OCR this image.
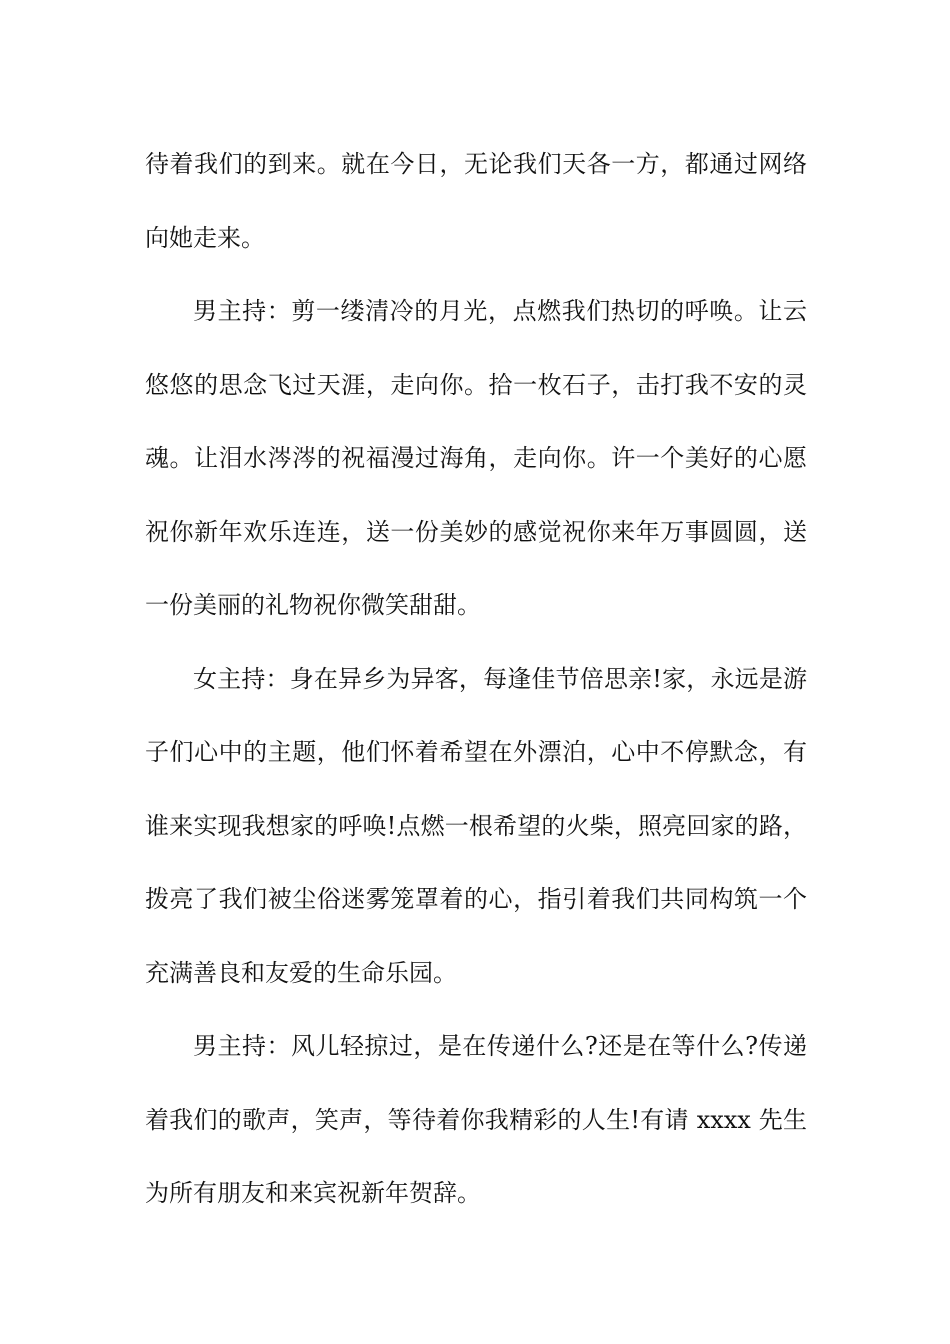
待着我们的到来。就在今日，无论我们天各一方，都通过网络向她走来。

男主持：剪一缕清冷的月光，点燃我们热切的呼唤。让云悠悠的思念飞过天涯，走向你。拾一枚石子，击打我不安的灵魂。让泪水涔涔的祝福漫过海角，走向你。许一个美好的心愿祝你新年欢乐连连，送一份美妙的感觉祝你来年万事圆圆，送一份美丽的礼物祝你微笑甜甜。

女主持：身在异乡为异客，每逢佳节倍思亲!家，永远是游子们心中的主题，他们怀着希望在外漂泊，心中不停默念，有谁来实现我想家的呼唤!点燃一根希望的火柴，照亮回家的路，拨亮了我们被尘俗迷雾笼罩着的心，指引着我们共同构筑一个充满善良和友爱的生命乐园。

男主持：风儿轻掠过，是在传递什么?还是在等什么?传递着我们的歌声，笑声，等待着你我精彩的人生!有请 xxxx 先生为所有朋友和来宾祝新年贺辞。
